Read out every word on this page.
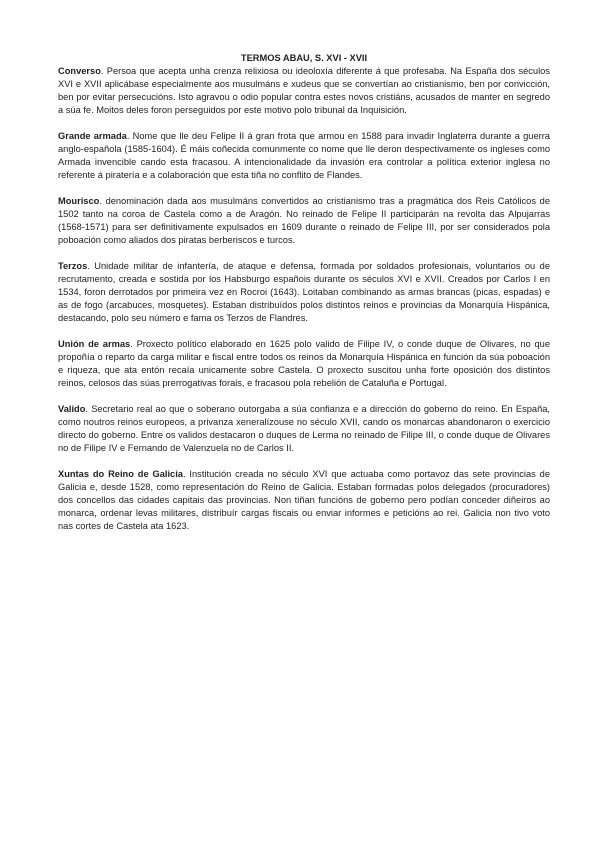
TERMOS ABAU, S. XVI - XVII

Converso. Persoa que acepta unha crenza relixiosa ou ideoloxía diferente á que profesaba. Na España dos séculos XVI e XVII aplicábase especialmente aos musulmáns e xudeus que se convertían ao cristianismo, ben por convicción, ben por evitar persecucións. Isto agravou o odio popular contra estes novos cristiáns, acusados de manter en segredo a súa fe. Moitos deles foron perseguidos por este motivo polo tribunal da Inquisición.

Grande armada. Nome que lle deu Felipe II á gran frota que armou en 1588 para invadir Inglaterra durante a guerra anglo-española (1585-1604). É máis coñecida comunmente co nome que lle deron despectivamente os ingleses como Armada invencible cando esta fracasou. A intencionalidade da invasión era controlar a política exterior inglesa no referente á piratería e a colaboración que esta tiña no conflito de Flandes.

Mourisco. denominación dada aos musulmáns convertidos ao cristianismo tras a pragmática dos Reis Católicos de 1502 tanto na coroa de Castela como a de Aragón. No reinado de Felipe II participarán na revolta das Alpujarras (1568-1571) para ser definitivamente expulsados en 1609 durante o reinado de Felipe III, por ser considerados pola poboación como aliados dos piratas berberiscos e turcos.

Terzos. Unidade militar de infantería, de ataque e defensa, formada por soldados profesionais, voluntarios ou de recrutamento, creada e sostida por los Habsburgo españois durante os séculos XVI e XVII. Creados por Carlos I en 1534, foron derrotados por primeira vez en Rocroi (1643). Loitaban combinando as armas brancas (picas, espadas) e as de fogo (arcabuces, mosquetes). Estaban distribuídos polos distintos reinos e provincias da Monarquía Hispánica, destacando, polo seu número e fama os Terzos de Flandres.

Unión de armas. Proxecto político elaborado en 1625 polo valido de Filipe IV, o conde duque de Olivares, no que propoñía o reparto da carga militar e fiscal entre todos os reinos da Monarquía Hispánica en función da súa poboación e riqueza, que ata entón recaía unicamente sobre Castela. O proxecto suscitou unha forte oposición dos distintos reinos, celosos das súas prerrogativas forais, e fracasou pola rebelión de Cataluña e Portugal.

Valido. Secretario real ao que o soberano outorgaba a súa confianza e a dirección do goberno do reino. En España, como noutros reinos europeos, a privanza xeneralízouse no século XVII, cando os monarcas abandonaron o exercicio directo do goberno. Entre os validos destacaron o duques de Lerma no reinado de Filipe III, o conde duque de Olivares no de Filipe IV e Fernando de Valenzuela no de Carlos II.

Xuntas do Reino de Galicia. Institución creada no século XVI que actuaba como portavoz das sete provincias de Galicia e, desde 1528, como representación do Reino de Galicia. Estaban formadas polos delegados (procuradores) dos concellos das cidades capitais das provincias. Non tiñan funcións de goberno pero podían conceder diñeiros ao monarca, ordenar levas militares, distribuír cargas fiscais ou enviar informes e peticións ao rei. Galicia non tivo voto nas cortes de Castela ata 1623.
